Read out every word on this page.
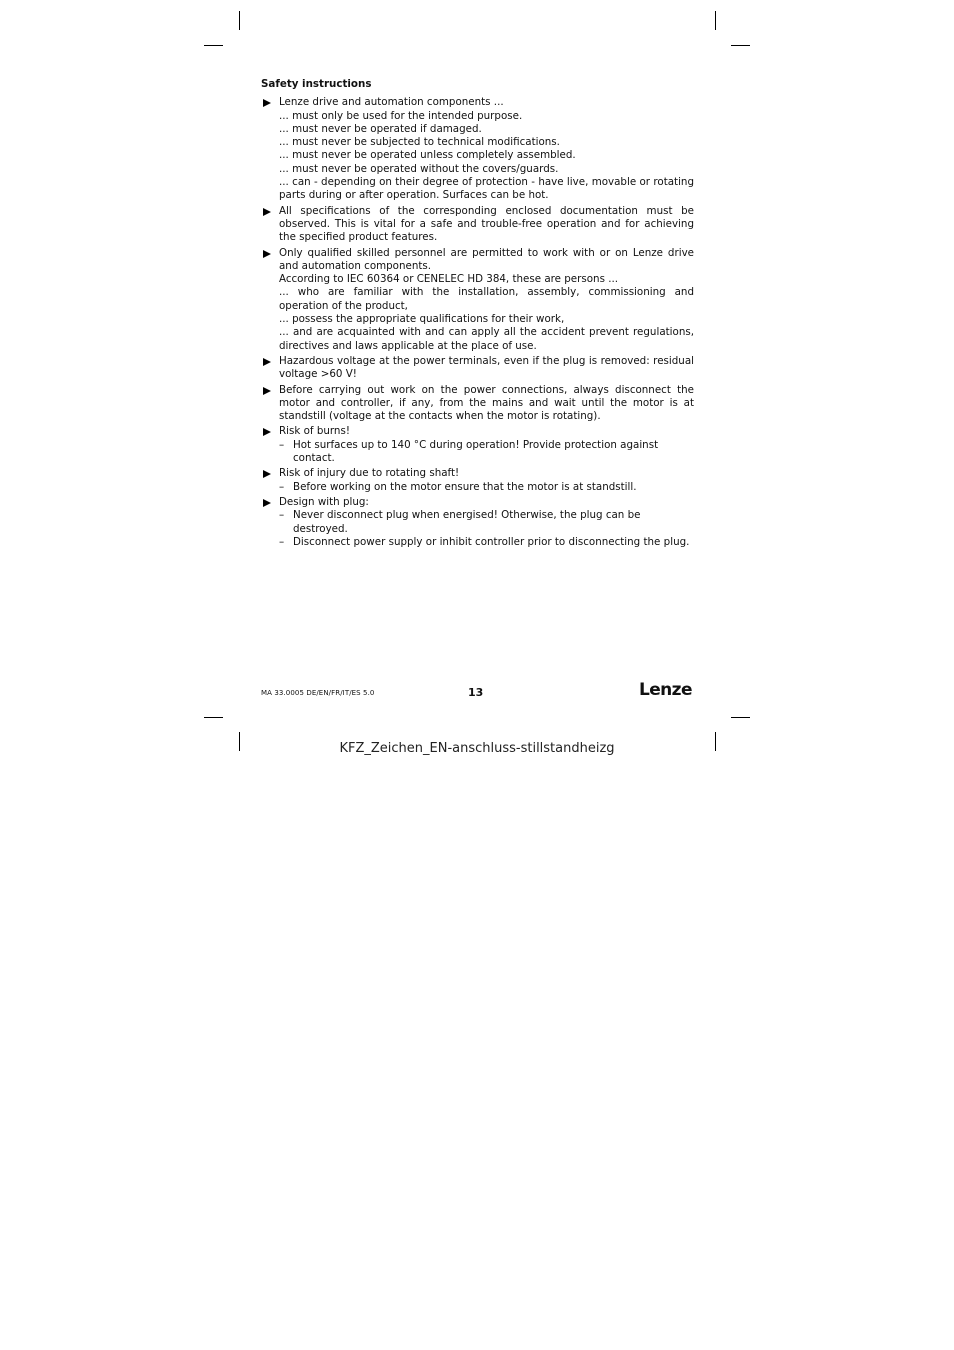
Safety instructions
Lenze drive and automation components ...
... must only be used for the intended purpose.
... must never be operated if damaged.
... must never be subjected to technical modifications.
... must never be operated unless completely assembled.
... must never be operated without the covers/guards.
... can - depending on their degree of protection - have live, movable or rotating parts during or after operation. Surfaces can be hot.
All specifications of the corresponding enclosed documentation must be observed. This is vital for a safe and trouble-free operation and for achieving the specified product features.
Only qualified skilled personnel are permitted to work with or on Lenze drive and automation components.
According to IEC 60364 or CENELEC HD 384, these are persons ...
... who are familiar with the installation, assembly, commissioning and operation of the product,
... possess the appropriate qualifications for their work,
... and are acquainted with and can apply all the accident prevent regulations, directives and laws applicable at the place of use.
Hazardous voltage at the power terminals, even if the plug is removed: residual voltage >60 V!
Before carrying out work on the power connections, always disconnect the motor and controller, if any, from the mains and wait until the motor is at standstill (voltage at the contacts when the motor is rotating).
Risk of burns!
– Hot surfaces up to 140 °C during operation! Provide protection against contact.
Risk of injury due to rotating shaft!
– Before working on the motor ensure that the motor is at standstill.
Design with plug:
– Never disconnect plug when energised! Otherwise, the plug can be destroyed.
– Disconnect power supply or inhibit controller prior to disconnecting the plug.
MA 33.0005 DE/EN/FR/IT/ES 5.0	13	Lenze
KFZ_Zeichen_EN-anschluss-stillstandheizg
